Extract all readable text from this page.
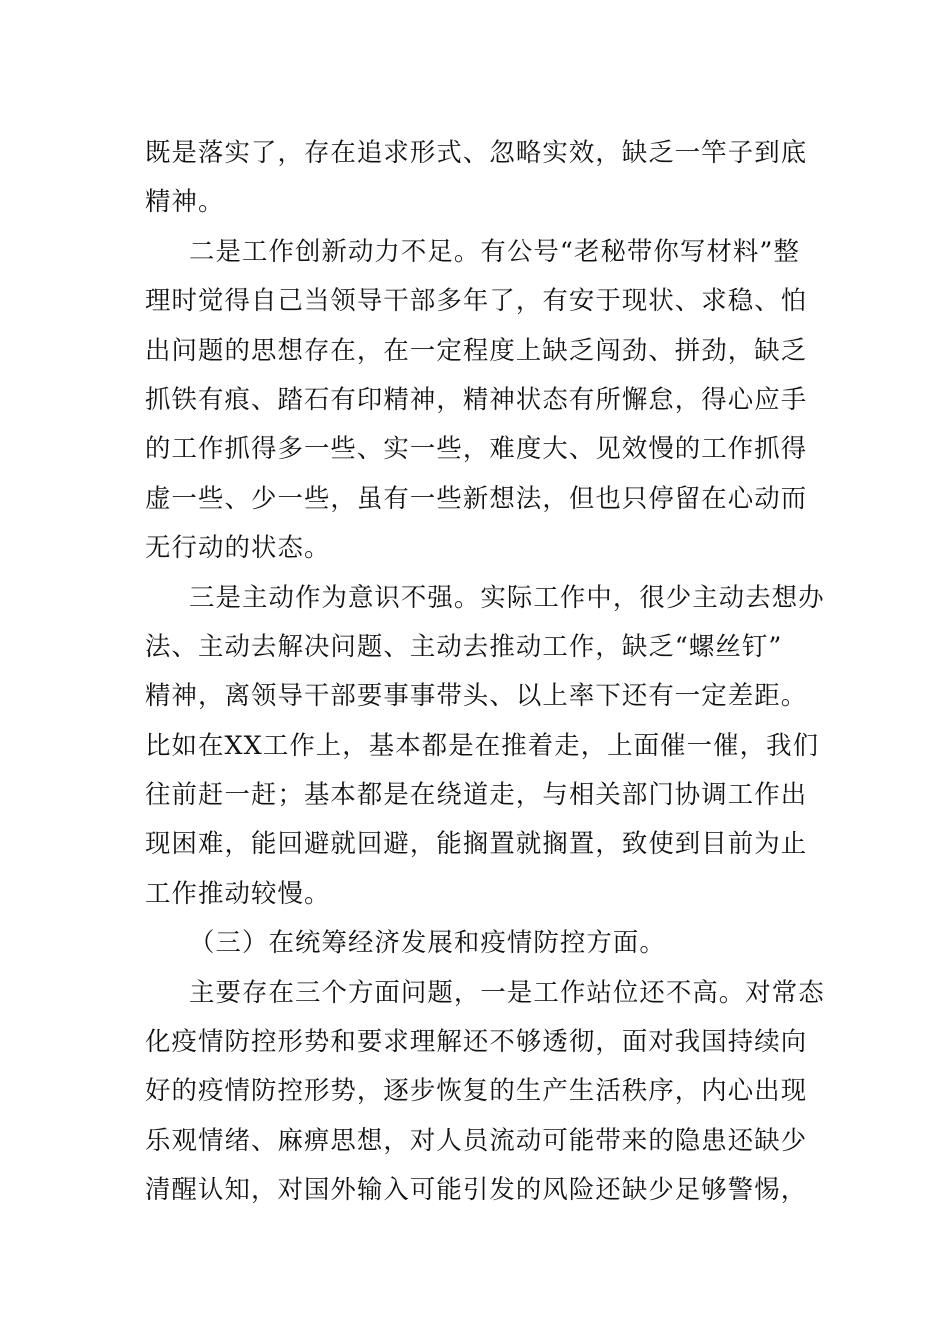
既是落实了，存在追求形式、忽略实效，缺乏一竿子到底
精神。
二是工作创新动力不足。有公号“老秘带你写材料”整
理时觉得自己当领导干部多年了，有安于现状、求稳、怕
出问题的思想存在，在一定程度上缺乏闯劲、拼劲，缺乏
抓铁有痕、踏石有印精神，精神状态有所懈怠，得心应手
的工作抓得多一些、实一些，难度大、见效慢的工作抓得
虚一些、少一些，虽有一些新想法，但也只停留在心动而
无行动的状态。
三是主动作为意识不强。实际工作中，很少主动去想办
法、主动去解决问题、主动去推动工作，缺乏“螺丝钉”
精神，离领导干部要事事带头、以上率下还有一定差距。
比如在XX工作上，基本都是在推着走，上面催一催，我们
往前赶一赶；基本都是在绕道走，与相关部门协调工作出
现困难，能回避就回避，能搁置就搁置，致使到目前为止
工作推动较慢。
（三）在统筹经济发展和疫情防控方面。
主要存在三个方面问题，一是工作站位还不高。对常态
化疫情防控形势和要求理解还不够透彻，面对我国持续向
好的疫情防控形势，逐步恢复的生产生活秩序，内心出现
乐观情绪、麻痹思想，对人员流动可能带来的隐患还缺少
清醒认知，对国外输入可能引发的风险还缺少足够警惕，
